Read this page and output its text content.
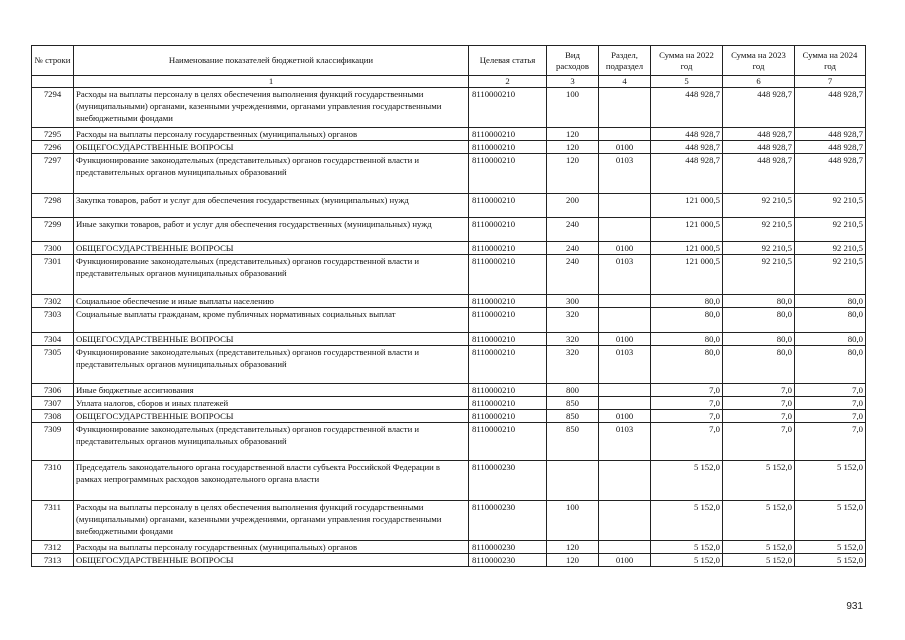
№ строки	Наименование показателей бюджетной классификации	Целевая статья	Вид расходов	Раздел, подраздел	Сумма на 2022 год	Сумма на 2023 год	Сумма на 2024 год
	1	2	3	4	5	6	7
7294	Расходы на выплаты персоналу в целях обеспечения выполнения функций государственными (муниципальными) органами, казенными учреждениями, органами управления государственными внебюджетными фондами	8110000210	100		448 928,7	448 928,7	448 928,7
7295	Расходы на выплаты персоналу государственных (муниципальных) органов	8110000210	120		448 928,7	448 928,7	448 928,7
7296	ОБЩЕГОСУДАРСТВЕННЫЕ ВОПРОСЫ	8110000210	120	0100	448 928,7	448 928,7	448 928,7
7297	Функционирование законодательных (представительных) органов государственной власти и представительных органов муниципальных образований	8110000210	120	0103	448 928,7	448 928,7	448 928,7
7298	Закупка товаров, работ и услуг для обеспечения государственных (муниципальных) нужд	8110000210	200		121 000,5	92 210,5	92 210,5
7299	Иные закупки товаров, работ и услуг для обеспечения государственных (муниципальных) нужд	8110000210	240		121 000,5	92 210,5	92 210,5
7300	ОБЩЕГОСУДАРСТВЕННЫЕ ВОПРОСЫ	8110000210	240	0100	121 000,5	92 210,5	92 210,5
7301	Функционирование законодательных (представительных) органов государственной власти и представительных органов муниципальных образований	8110000210	240	0103	121 000,5	92 210,5	92 210,5
7302	Социальное обеспечение и иные выплаты населению	8110000210	300		80,0	80,0	80,0
7303	Социальные выплаты гражданам, кроме публичных нормативных социальных выплат	8110000210	320		80,0	80,0	80,0
7304	ОБЩЕГОСУДАРСТВЕННЫЕ ВОПРОСЫ	8110000210	320	0100	80,0	80,0	80,0
7305	Функционирование законодательных (представительных) органов государственной власти и представительных органов муниципальных образований	8110000210	320	0103	80,0	80,0	80,0
7306	Иные бюджетные ассигнования	8110000210	800		7,0	7,0	7,0
7307	Уплата налогов, сборов и иных платежей	8110000210	850		7,0	7,0	7,0
7308	ОБЩЕГОСУДАРСТВЕННЫЕ ВОПРОСЫ	8110000210	850	0100	7,0	7,0	7,0
7309	Функционирование законодательных (представительных) органов государственной власти и представительных органов муниципальных образований	8110000210	850	0103	7,0	7,0	7,0
7310	Председатель законодательного органа государственной власти субъекта Российской Федерации в рамках непрограммных расходов законодательного органа власти	8110000230			5 152,0	5 152,0	5 152,0
7311	Расходы на выплаты персоналу в целях обеспечения выполнения функций государственными (муниципальными) органами, казенными учреждениями, органами управления государственными внебюджетными фондами	8110000230	100		5 152,0	5 152,0	5 152,0
7312	Расходы на выплаты персоналу государственных (муниципальных) органов	8110000230	120		5 152,0	5 152,0	5 152,0
7313	ОБЩЕГОСУДАРСТВЕННЫЕ ВОПРОСЫ	8110000230	120	0100	5 152,0	5 152,0	5 152,0
931
